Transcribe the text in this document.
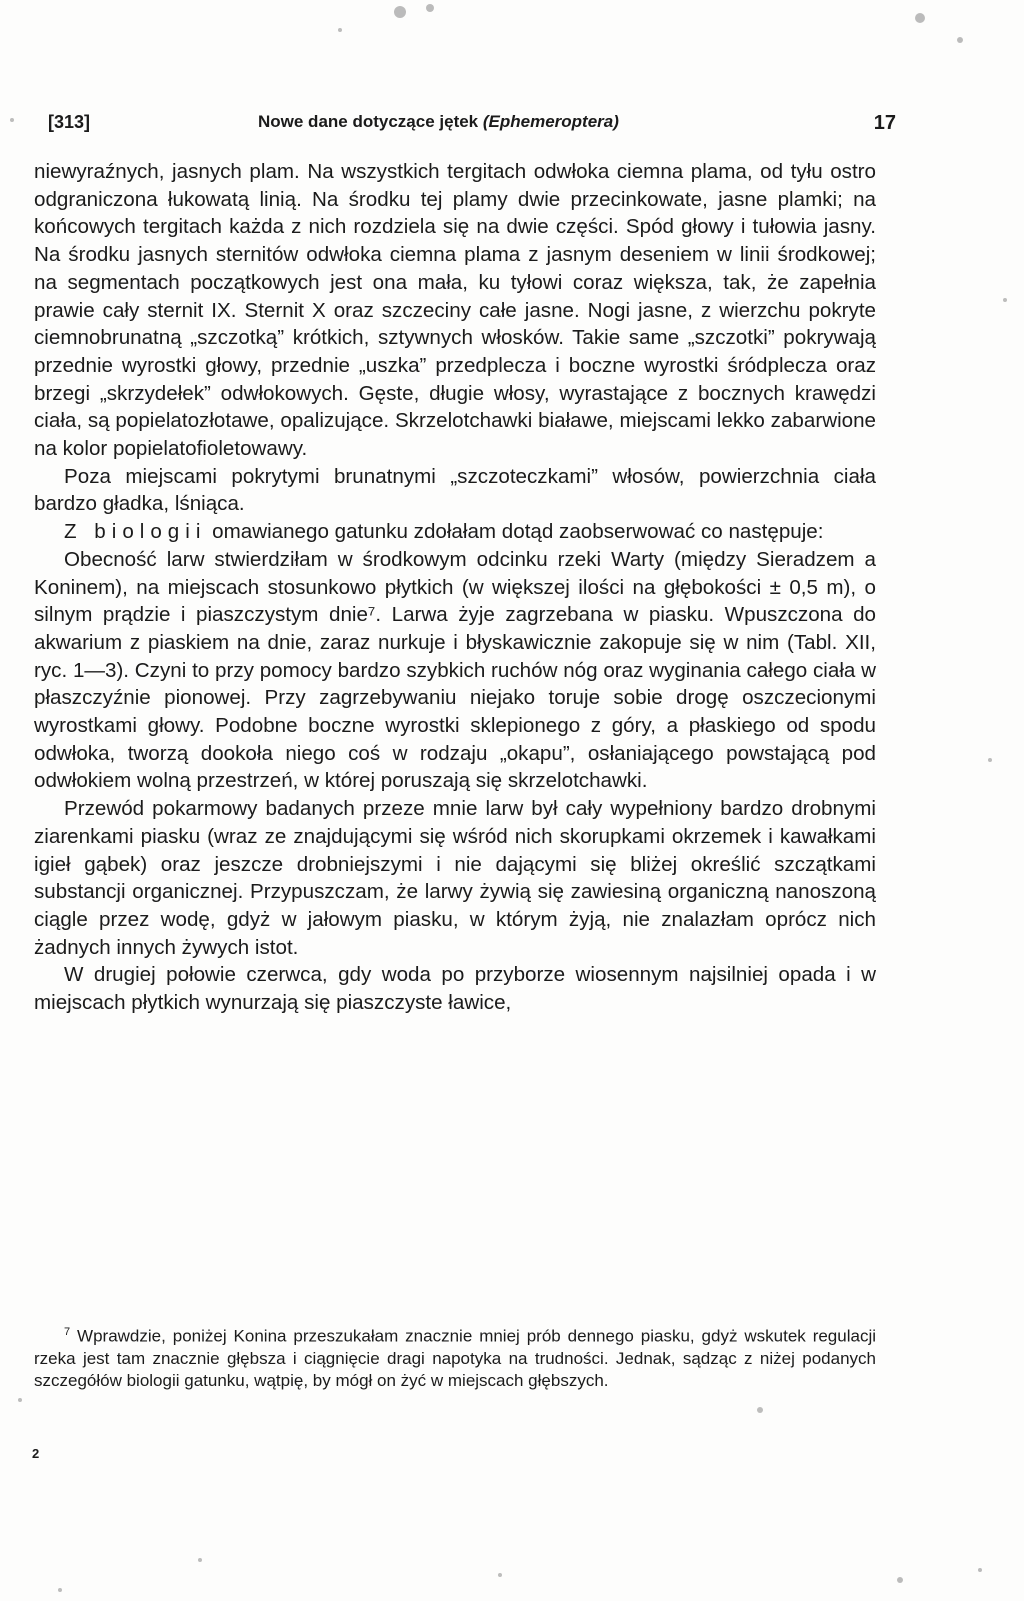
[313]	Nowe dane dotyczące jętek (Ephemeroptera)	17

niewyraźnych, jasnych plam. Na wszystkich tergitach odwłoka ciemna plama, od tyłu ostro odgraniczona łukowatą linią. Na środku tej plamy dwie przecinkowate, jasne plamki; na końcowych tergitach każda z nich rozdziela się na dwie części. Spód głowy i tułowia jasny. Na środku jasnych sternitów odwłoka ciemna plama z jasnym deseniem w linii środkowej; na segmentach początkowych jest ona mała, ku tyłowi coraz większa, tak, że zapełnia prawie cały sternit IX. Sternit X oraz szczeciny całe jasne. Nogi jasne, z wierzchu pokryte ciemnobrunatną „szczotką” krótkich, sztywnych włosków. Takie same „szczotki” pokrywają przednie wyrostki głowy, przednie „uszka” przedplecza i boczne wyrostki śródplecza oraz brzegi „skrzydełek” odwłokowych. Gęste, długie włosy, wyrastające z bocznych krawędzi ciała, są popielatozłotawe, opalizujące. Skrzelotchawki białawe, miejscami lekko zabarwione na kolor popielatofioletowawy.

Poza miejscami pokrytymi brunatnymi „szczoteczkami” włosów, powierzchnia ciała bardzo gładka, lśniąca.

Z biologii omawianego gatunku zdołałam dotąd zaobserwować co następuje:

Obecność larw stwierdziłam w środkowym odcinku rzeki Warty (między Sieradzem a Koninem), na miejscach stosunkowo płytkich (w większej ilości na głębokości ± 0,5 m), o silnym prądzie i piaszczystym dnie⁷. Larwa żyje zagrzebana w piasku. Wpuszczona do akwarium z piaskiem na dnie, zaraz nurkuje i błyskawicznie zakopuje się w nim (Tabl. XII, ryc. 1—3). Czyni to przy pomocy bardzo szybkich ruchów nóg oraz wyginania całego ciała w płaszczyźnie pionowej. Przy zagrzebywaniu niejako toruje sobie drogę oszczecionymi wyrostkami głowy. Podobne boczne wyrostki sklepionego z góry, a płaskiego od spodu odwłoka, tworzą dookoła niego coś w rodzaju „okapu”, osłaniającego powstającą pod odwłokiem wolną przestrzeń, w której poruszają się skrzelotchawki.

Przewód pokarmowy badanych przeze mnie larw był cały wypełniony bardzo drobnymi ziarenkami piasku (wraz ze znajdującymi się wśród nich skorupkami okrzemek i kawałkami igieł gąbek) oraz jeszcze drobniejszymi i nie dającymi się bliżej określić szczątkami substancji organicznej. Przypuszczam, że larwy żywią się zawiesiną organiczną nanoszoną ciągle przez wodę, gdyż w jałowym piasku, w którym żyją, nie znalazłam oprócz nich żadnych innych żywych istot.

W drugiej połowie czerwca, gdy woda po przyborze wiosennym najsilniej opada i w miejscach płytkich wynurzają się piaszczyste ławice,

$^7$ Wprawdzie, poniżej Konina przeszukałam znacznie mniej prób dennego piasku, gdyż wskutek regulacji rzeka jest tam znacznie głębsza i ciągnięcie dragi napotyka na trudności. Jednak, sądząc z niżej podanych szczegółów biologii gatunku, wątpię, by mógł on żyć w miejscach głębszych.
2
